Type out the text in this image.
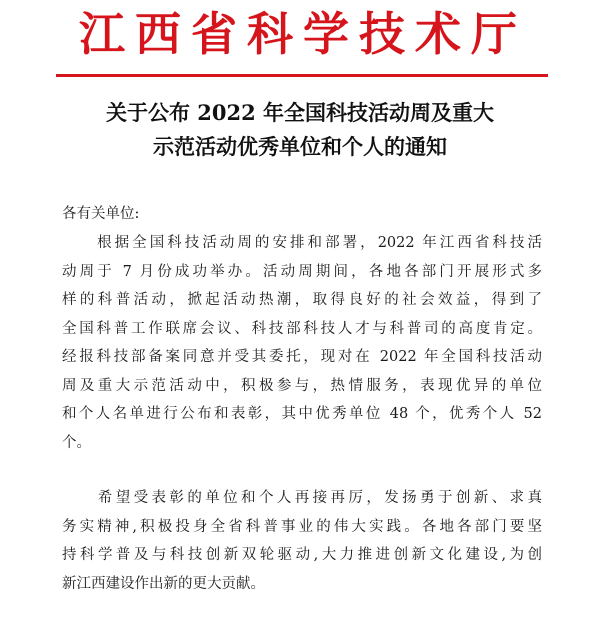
江西省科学技术厅
关于公布 2022 年全国科技活动周及重大
示范活动优秀单位和个人的通知
各有关单位:
　　根据全国科技活动周的安排和部署，2022 年江西省科技活
动周于 7 月份成功举办。活动周期间，各地各部门开展形式多
样的科普活动，掀起活动热潮，取得良好的社会效益，得到了
全国科普工作联席会议、科技部科技人才与科普司的高度肯定。
经报科技部备案同意并受其委托，现对在 2022 年全国科技活动
周及重大示范活动中，积极参与，热情服务，表现优异的单位
和个人名单进行公布和表彰，其中优秀单位 48 个，优秀个人 52
个。
　　希望受表彰的单位和个人再接再厉，发扬勇于创新、求真
务实精神,积极投身全省科普事业的伟大实践。各地各部门要坚
持科学普及与科技创新双轮驱动,大力推进创新文化建设,为创
新江西建设作出新的更大贡献。
